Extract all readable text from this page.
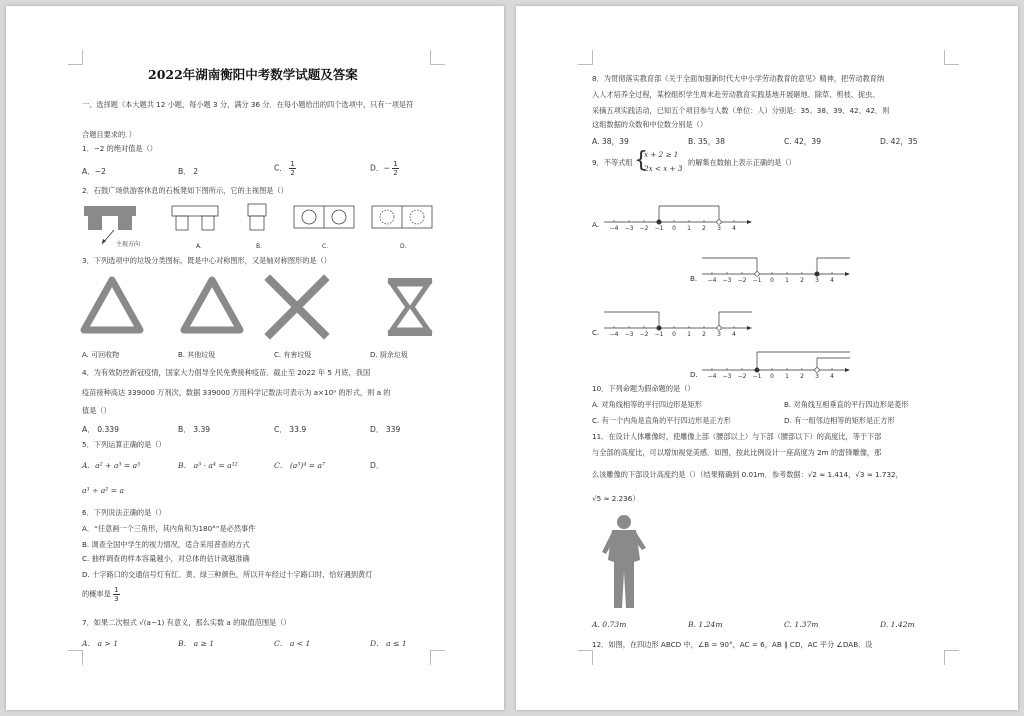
2022年湖南衡阳中考数学试题及答案
一、选择题（本大题共 12 小题，每小题 3 分，满分 36 分．在每小题给出的四个选项中，只有一项是符
合题目要求的．）
1．−2 的绝对值是（）
A．−2	B． 2	C． $\frac{1}{2}$	D．− $\frac{1}{2}$
2．石鼓广场供游客休息的石板凳如下图所示，它的主视图是（）
主视方向	A.	B.	C.	D.
3．下列选项中的垃圾分类图标，既是中心对称图形，又是轴对称图形的是（）
A. 可回收物	B. 其他垃圾	C. 有害垃圾	D. 厨余垃圾
4．为有效防控新冠疫情，国家大力倡导全民免费接种疫苗．截止至 2022 年 5 月底，我国
疫苗接种高达 339000 万剂次，数据 339000 万用科学记数法可表示为 a×10⁹ 的形式，则 a 的
值是（）
A． 0.339	B． 3.39	C． 33.9	D． 339
5．下列运算正确的是（）
A．a² + a³ = a⁵	B． a³ · a⁴ = a¹²	C． (a³)⁴ = a⁷	D．
a³ ÷ a² = a
6．下列说法正确的是（）
A．“任意画一个三角形，其内角和为180°”是必然事件
B. 调查全国中学生的视力情况，适合采用普查的方式
C. 抽样调查的样本容量越小，对总体的估计就越准确
D. 十字路口的交通信号灯有红、黄、绿三种颜色，所以开车经过十字路口时，恰好遇到黄灯
的概率是 $\frac{1}{3}$
7．如果二次根式 √(a−1) 有意义，那么实数 a 的取值范围是（）
A． a > 1	B． a ≥ 1	C． a < 1	D． a ≤ 1
8．为贯彻落实教育部《关于全面加强新时代大中小学劳动教育的意见》精神，把劳动教育纳
入人才培养全过程，某校组织学生周末赴劳动教育实践基地开展砸地、除草、剪枝、捉虫、
采摘五项实践活动，已知五个项目参与人数（单位：人）分别是：35、38、39、42、42．则
这组数据的众数和中位数分别是（）
A. 38，39	B. 35，38	C. 42，39	D. 42，35
9．不等式组 {
x + 2 ≥ 1
2x < x + 3
的解集在数轴上表示正确的是（）
A. −4 −3 −2 −1 0 1 2 3 4
B. −4 −3 −2 −1 0 1 2 3 4
C. −4 −3 −2 −1 0 1 2 3 4
D. −4 −3 −2 −1 0 1 2 3 4
10．下列命题为假命题的是（）
A. 对角线相等的平行四边形是矩形	B. 对角线互相垂直的平行四边形是菱形
C. 有一个内角是直角的平行四边形是正方形	D. 有一组邻边相等的矩形是正方形
11．在设计人体雕像时，使雕像上部（腰部以上）与下部（腰部以下）的高度比，等于下部
与全部的高度比，可以增加视觉美感．如图，按此比例设计一座高度为 2m 的雷锋雕像，那
么该雕像的下部设计高度约是（）（结果精确到 0.01m．参考数据：√2 ≈ 1.414，√3 ≈ 1.732，
√5 ≈ 2.236）
A. 0.73m	B. 1.24m	C. 1.37m	D. 1.42m
12．如图，在四边形 ABCD 中，∠B = 90°，AC = 6，AB ∥ CD，AC 平分 ∠DAB．设
